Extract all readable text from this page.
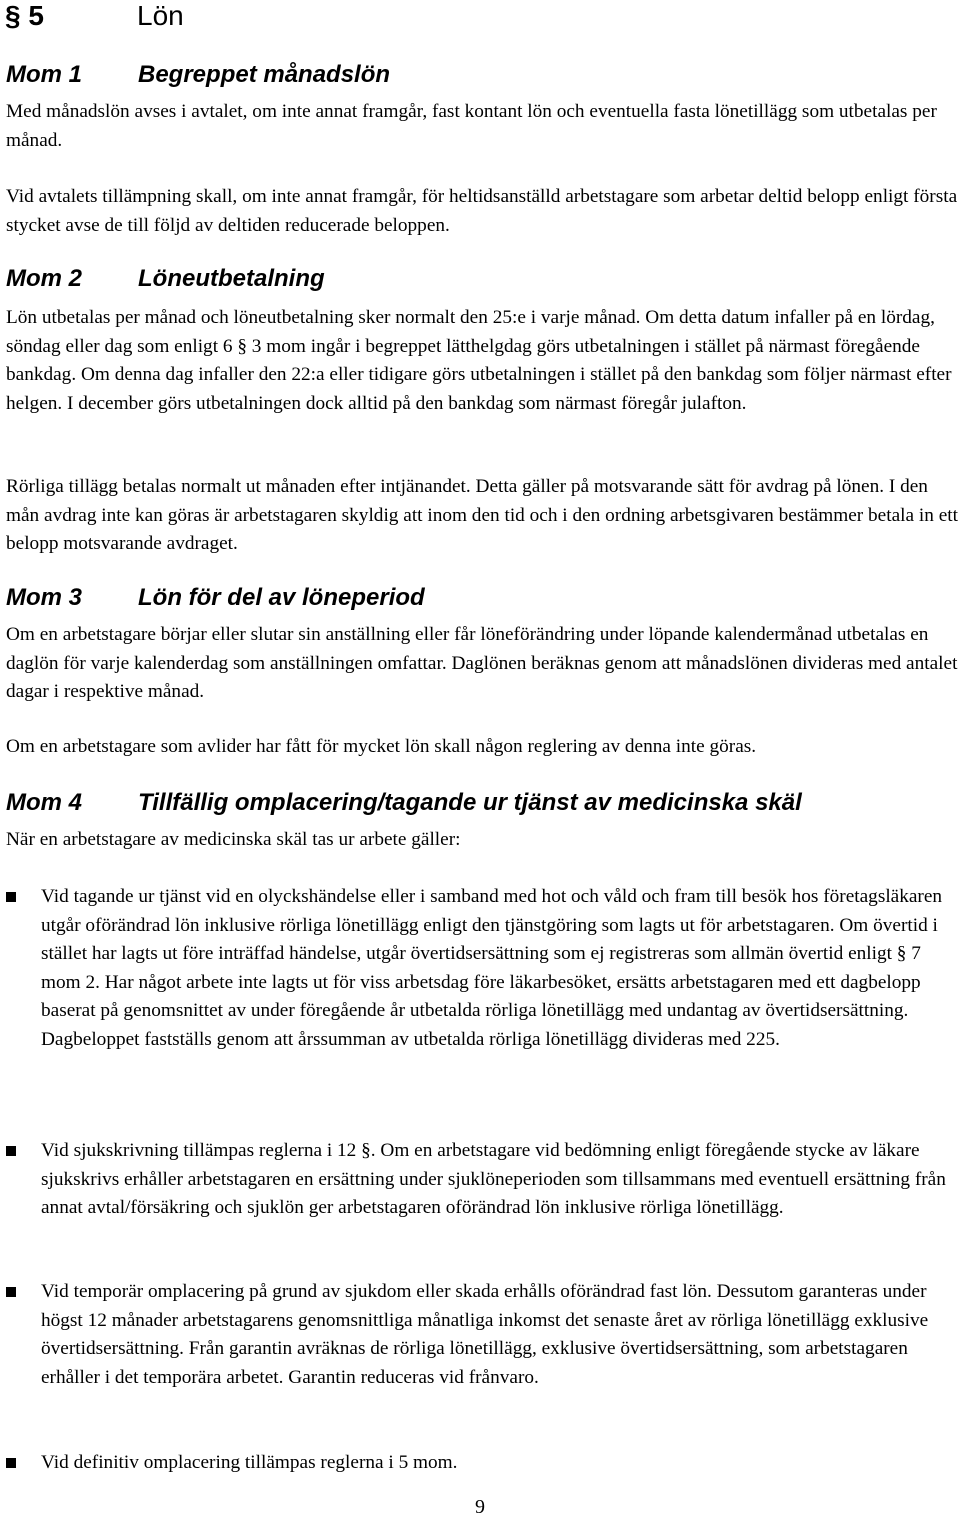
§ 5	Lön
Mom 1 Begreppet månadslön

Med månadslön avses i avtalet, om inte annat framgår, fast kontant lön och eventuella fasta lönetillägg som utbetalas per månad.

Vid avtalets tillämpning skall, om inte annat framgår, för heltidsanställd arbetstagare som arbetar deltid belopp enligt första stycket avse de till följd av deltiden reducerade beloppen.

Mom 2 Löneutbetalning

Lön utbetalas per månad och löneutbetalning sker normalt den 25:e i varje månad. Om detta datum infaller på en lördag, söndag eller dag som enligt 6 § 3 mom ingår i begreppet lätthelgdag görs utbetalningen i stället på närmast föregående bankdag. Om denna dag infaller den 22:a eller tidigare görs utbetalningen i stället på den bankdag som följer närmast efter helgen. I december görs utbetalningen dock alltid på den bankdag som närmast föregår julafton.

Rörliga tillägg betalas normalt ut månaden efter intjänandet. Detta gäller på motsvarande sätt för avdrag på lönen. I den mån avdrag inte kan göras är arbetstagaren skyldig att inom den tid och i den ordning arbetsgivaren bestämmer betala in ett belopp motsvarande avdraget.

Mom 3 Lön för del av löneperiod

Om en arbetstagare börjar eller slutar sin anställning eller får löneförändring under löpande kalendermånad utbetalas en daglön för varje kalenderdag som anställningen omfattar. Daglönen beräknas genom att månadslönen divideras med antalet dagar i respektive månad.

Om en arbetstagare som avlider har fått för mycket lön skall någon reglering av denna inte göras.

Mom 4 Tillfällig omplacering/tagande ur tjänst av medicinska skäl

När en arbetstagare av medicinska skäl tas ur arbete gäller:

Vid tagande ur tjänst vid en olyckshändelse eller i samband med hot och våld och fram till besök hos företagsläkaren utgår oförändrad lön inklusive rörliga lönetillägg enligt den tjänstgöring som lagts ut för arbetstagaren. Om övertid i stället har lagts ut före inträffad händelse, utgår övertidsersättning som ej registreras som allmän övertid enligt § 7 mom 2. Har något arbete inte lagts ut för viss arbetsdag före läkarbesöket, ersätts arbetstagaren med ett dagbelopp baserat på genomsnittet av under föregående år utbetalda rörliga lönetillägg med undantag av övertidsersättning. Dagbeloppet fastställs genom att årssumman av utbetalda rörliga lönetillägg divideras med 225.
Vid sjukskrivning tillämpas reglerna i 12 §. Om en arbetstagare vid bedömning enligt föregående stycke av läkare sjukskrivs erhåller arbetstagaren en ersättning under sjuklöneperioden som tillsammans med eventuell ersättning från annat avtal/försäkring och sjuklön ger arbetstagaren oförändrad lön inklusive rörliga lönetillägg.
Vid temporär omplacering på grund av sjukdom eller skada erhålls oförändrad fast lön. Dessutom garanteras under högst 12 månader arbetstagarens genomsnittliga månatliga inkomst det senaste året av rörliga lönetillägg exklusive övertidsersättning. Från garantin avräknas de rörliga lönetillägg, exklusive övertidsersättning, som arbetstagaren erhåller i det temporära arbetet. Garantin reduceras vid frånvaro.
Vid definitiv omplacering tillämpas reglerna i 5 mom.
9
